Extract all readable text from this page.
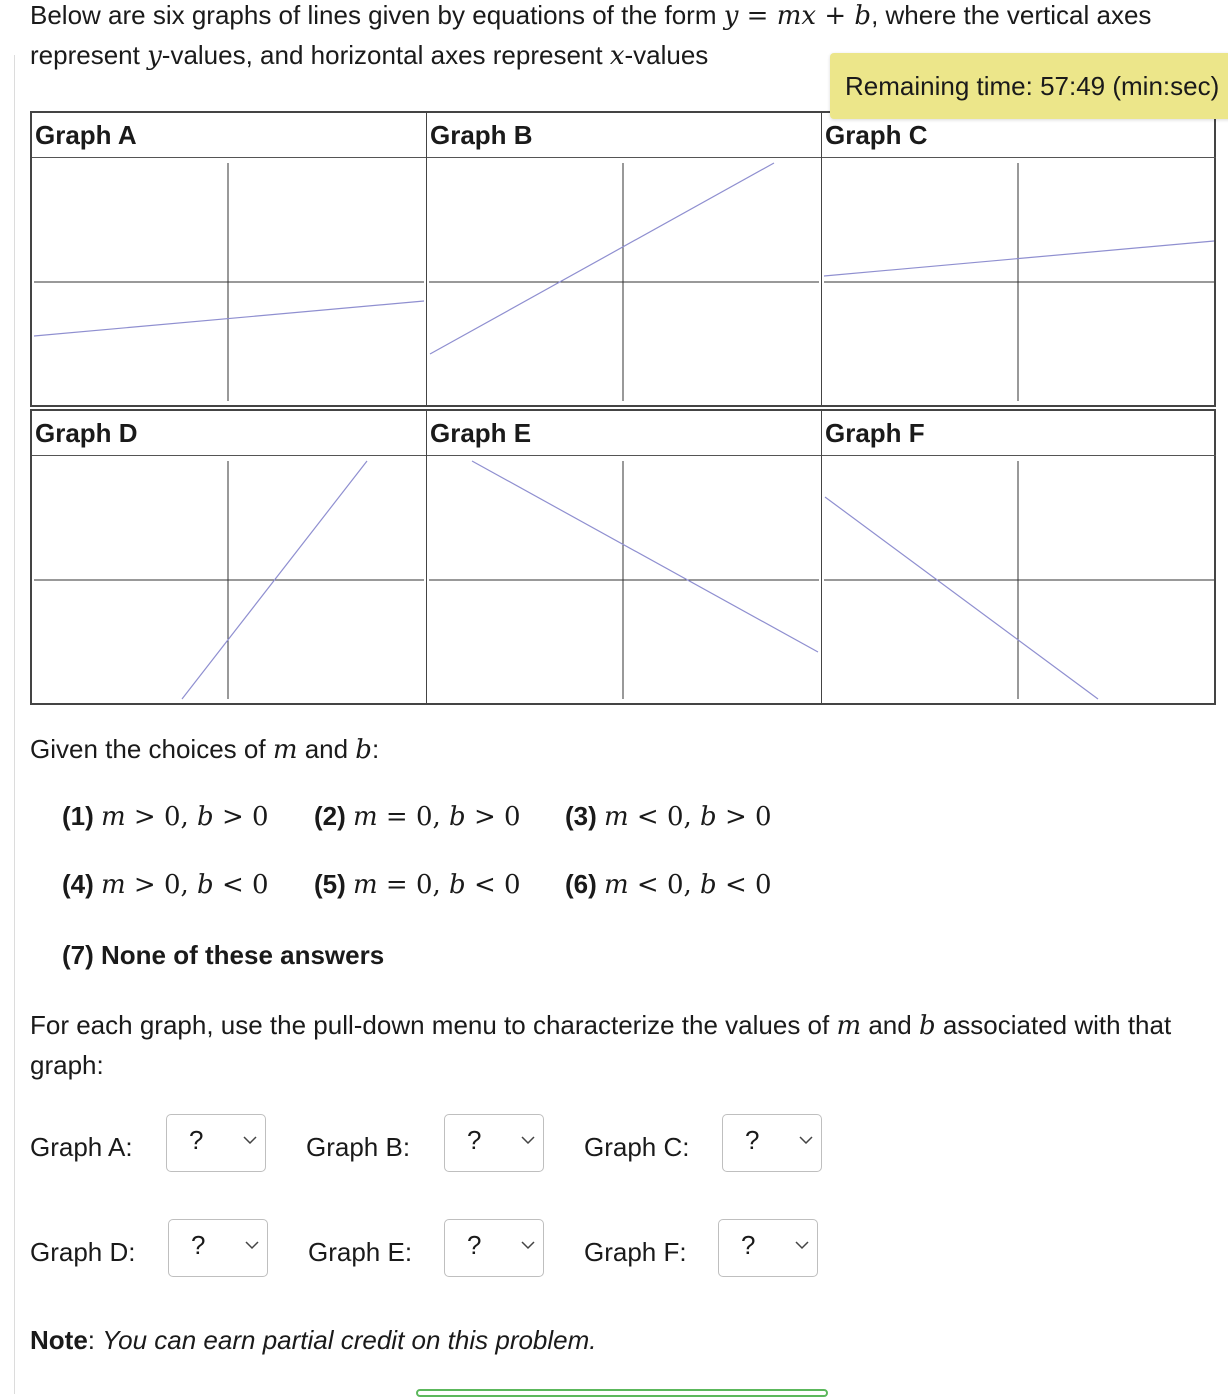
Below are six graphs of lines given by equations of the form y = mx + b, where the vertical axes represent y-values, and horizontal axes represent x-values
Graph A	Graph B	Graph C
Graph D	Graph E	Graph F
Remaining time: 57:49 (min:sec)
Given the choices of m and b:
(1) m > 0, b > 0 (2) m = 0, b > 0 (3) m < 0, b > 0
(4) m > 0, b < 0 (5) m = 0, b < 0 (6) m < 0, b < 0
(7) None of these answers
For each graph, use the pull-down menu to characterize the values of m and b associated with that graph:
Graph A: ?	Graph B: ?	Graph C: ?
Graph D: ?	Graph E: ?	Graph F: ?
Note: You can earn partial credit on this problem.
